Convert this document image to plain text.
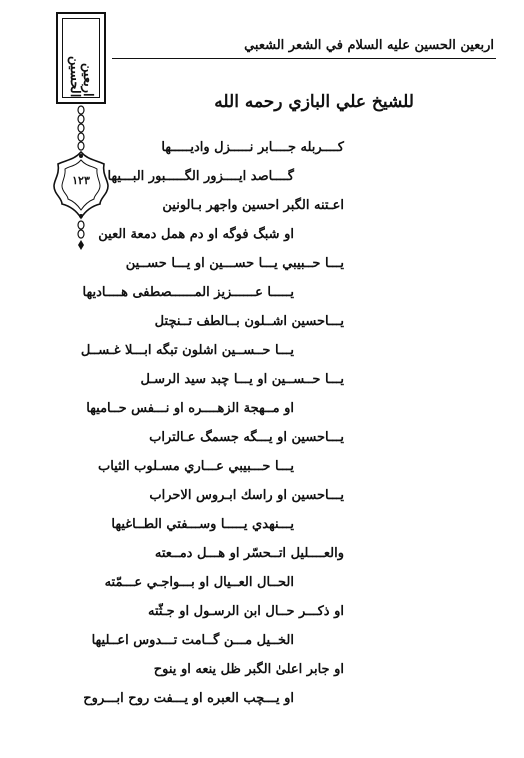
اربعين الحسين
١٢٣
اربعين الحسين عليه السلام في الشعر الشعبي
للشيخ علي البازي رحمه الله
كــــربله جــــابر نـــــزل واديـــــها
گــــاصد ايــــزور الگـــــبور البـــيها
اعـتنه الگبر احسين واجهر بـالونين
او شبگ فوگه او دم همل دمعة العين
يـــا حــبيبي يـــا حســـين او يـــا حســين
يـــــا عــــــزيز المــــــصطفى هــــاديها
يـــاحسين اشــلون بــالطف تــنچتل
يـــا حــســين اشلون تبگه ابـــلا غـســل
يـــا حــســين او يـــا چبد سيد الرسـل
او مــهجة الزهــــره او نـــفس حــاميها
يـــاحسين او يـــگه جسمگ عـالتراب
يـــا حـــبيبي عـــاري مسـلوب الثياب
يـــاحسين او راسك ابـروس الاحراب
يـــنهدي يـــــا وســـفتي الطــاغيها
والعــــليل اتــحسّر او هـــل دمــعته
الحــال العــيال او بـــواجـي عـــمّته
او ذكـــر حــال ابن الرسـول او جـثّته
الخــيل مـــن گــامت تـــدوس اعــليها
او جابر اعلىٰ الگبر ظل ينعه او ينوح
او يـــچب العبره او يـــفت روح ابـــروح
